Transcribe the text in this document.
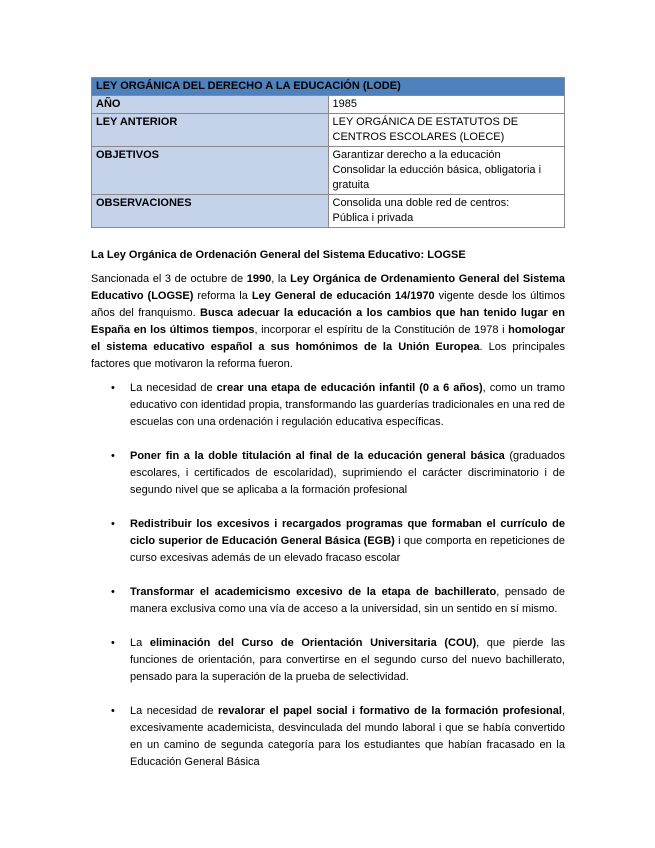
LEY ORGÁNICA DEL DERECHO A LA EDUCACIÓN (LODE)	
AÑO	1985
LEY ANTERIOR	LEY ORGÁNICA DE ESTATUTOS DE CENTROS ESCOLARES (LOECE)
OBJETIVOS	Garantizar derecho a la educación
Consolidar la educción básica, obligatoria i gratuita

OBSERVACIONES	Consolida una doble red de centros:
Pública i privada
La Ley Orgánica de Ordenación General del Sistema Educativo: LOGSE

Sancionada el 3 de octubre de 1990, la Ley Orgánica de Ordenamiento General del Sistema Educativo (LOGSE) reforma la Ley General de educación 14/1970 vigente desde los últimos años del franquismo. Busca adecuar la educación a los cambios que han tenido lugar en España en los últimos tiempos, incorporar el espíritu de la Constitución de 1978 i homologar el sistema educativo español a sus homónimos de la Unión Europea. Los principales factores que motivaron la reforma fueron.

• La necesidad de crear una etapa de educación infantil (0 a 6 años), como un tramo educativo con identidad propia, transformando las guarderías tradicionales en una red de escuelas con una ordenación i regulación educativa específicas.
• Poner fin a la doble titulación al final de la educación general básica (graduados escolares, i certificados de escolaridad), suprimiendo el carácter discriminatorio i de segundo nivel que se aplicaba a la formación profesional
• Redistribuir los excesivos i recargados programas que formaban el currículo de ciclo superior de Educación General Básica (EGB) i que comporta en repeticiones de curso excesivas además de un elevado fracaso escolar
• Transformar el academicismo excesivo de la etapa de bachillerato, pensado de manera exclusiva como una vía de acceso a la universidad, sin un sentido en sí mismo.
• La eliminación del Curso de Orientación Universitaria (COU), que pierde las funciones de orientación, para convertirse en el segundo curso del nuevo bachillerato, pensado para la superación de la prueba de selectividad.
• La necesidad de revalorar el papel social i formativo de la formación profesional, excesivamente academicista, desvinculada del mundo laboral i que se había convertido en un camino de segunda categoría para los estudiantes que habían fracasado en la Educación General Básica
